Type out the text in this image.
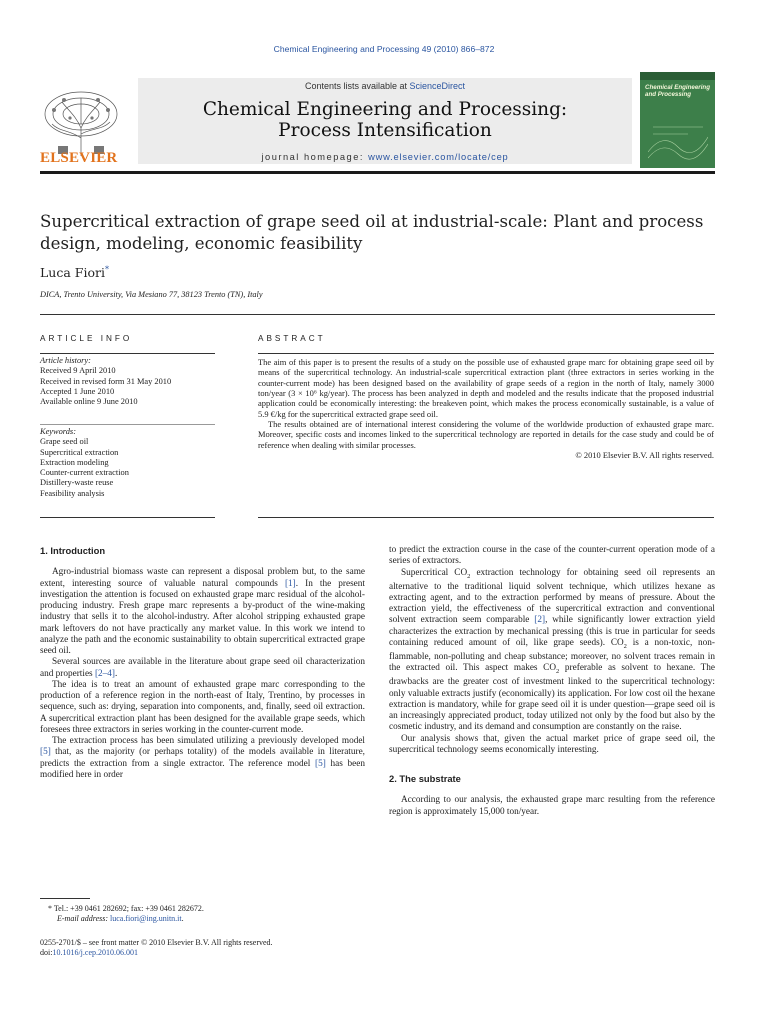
Chemical Engineering and Processing 49 (2010) 866–872
ELSEVIER
Contents lists available at ScienceDirect
Chemical Engineering and Processing:
Process Intensification
journal homepage: www.elsevier.com/locate/cep
Chemical Engineering and Processing
Supercritical extraction of grape seed oil at industrial-scale: Plant and process
design, modeling, economic feasibility
Luca Fiori*
DICA, Trento University, Via Mesiano 77, 38123 Trento (TN), Italy
ARTICLE INFO
Article history:
Received 9 April 2010
Received in revised form 31 May 2010
Accepted 1 June 2010
Available online 9 June 2010
Keywords:
Grape seed oil
Supercritical extraction
Extraction modeling
Counter-current extraction
Distillery-waste reuse
Feasibility analysis
ABSTRACT

The aim of this paper is to present the results of a study on the possible use of exhausted grape marc for obtaining grape seed oil by means of the supercritical technology. An industrial-scale supercritical extraction plant (three extractors in series working in the counter-current mode) has been designed based on the availability of grape seeds of a region in the north of Italy, namely 3000 ton/year (3 × 10⁶ kg/year). The process has been analyzed in depth and modeled and the results indicate that the proposed industrial application could be economically interesting: the breakeven point, which makes the process economically sustainable, is a value of 5.9 €/kg for the supercritical extracted grape seed oil.

The results obtained are of international interest considering the volume of the worldwide production of exhausted grape marc. Moreover, specific costs and incomes linked to the supercritical technology are reported in details for the case study and could be of reference when dealing with similar processes.

© 2010 Elsevier B.V. All rights reserved.
1. Introduction

Agro-industrial biomass waste can represent a disposal problem but, to the same extent, interesting source of valuable natural compounds [1]. In the present investigation the attention is focused on exhausted grape marc residual of the alcohol-producing industry. Fresh grape marc represents a by-product of the wine-making industry that sells it to the alcohol-industry. After alcohol stripping exhausted grape mark leftovers do not have practically any market value. In this work we intend to analyze the path and the economic sustainability to obtain supercritical extracted grape seed oil.

Several sources are available in the literature about grape seed oil characterization and properties [2–4].

The idea is to treat an amount of exhausted grape marc corresponding to the production of a reference region in the north-east of Italy, Trentino, by processes in sequence, such as: drying, separation into components, and, finally, seed oil extraction. A supercritical extraction plant has been designed for the available grape seeds, which foresees three extractors in series working in the counter-current mode.

The extraction process has been simulated utilizing a previously developed model [5] that, as the majority (or perhaps totality) of the models available in literature, predicts the extraction from a single extractor. The reference model [5] has been modified here in order

* Tel.: +39 0461 282692; fax: +39 0461 282672.
E-mail address: luca.fiori@ing.unitn.it.
0255-2701/$ – see front matter © 2010 Elsevier B.V. All rights reserved.
doi:10.1016/j.cep.2010.06.001

to predict the extraction course in the case of the counter-current operation mode of a series of extractors.

Supercritical $CO_2$ extraction technology for obtaining seed oil represents an alternative to the traditional liquid solvent technique, which utilizes hexane as extracting agent, and to the extraction performed by means of pressure. About the extraction yield, the effectiveness of the supercritical extraction and conventional solvent extraction seem comparable [2], while significantly lower extraction yield characterizes the extraction by mechanical pressing (this is true in particular for seeds containing reduced amount of oil, like grape seeds). $CO_2$ is a non-toxic, non-flammable, non-polluting and cheap substance; moreover, no solvent traces remain in the extracted oil. This aspect makes $CO_2$ preferable as solvent to hexane. The drawbacks are the greater cost of investment linked to the supercritical technology: only valuable extracts justify (economically) its application. For low cost oil the hexane extraction is mandatory, while for grape seed oil it is under question—grape seed oil is an increasingly appreciated product, today utilized not only by the food but also by the cosmetic industry, and its demand and consumption are constantly on the raise.

Our analysis shows that, given the actual market price of grape seed oil, the supercritical technology seems economically interesting.

2. The substrate

According to our analysis, the exhausted grape marc resulting from the reference region is approximately 15,000 ton/year.
